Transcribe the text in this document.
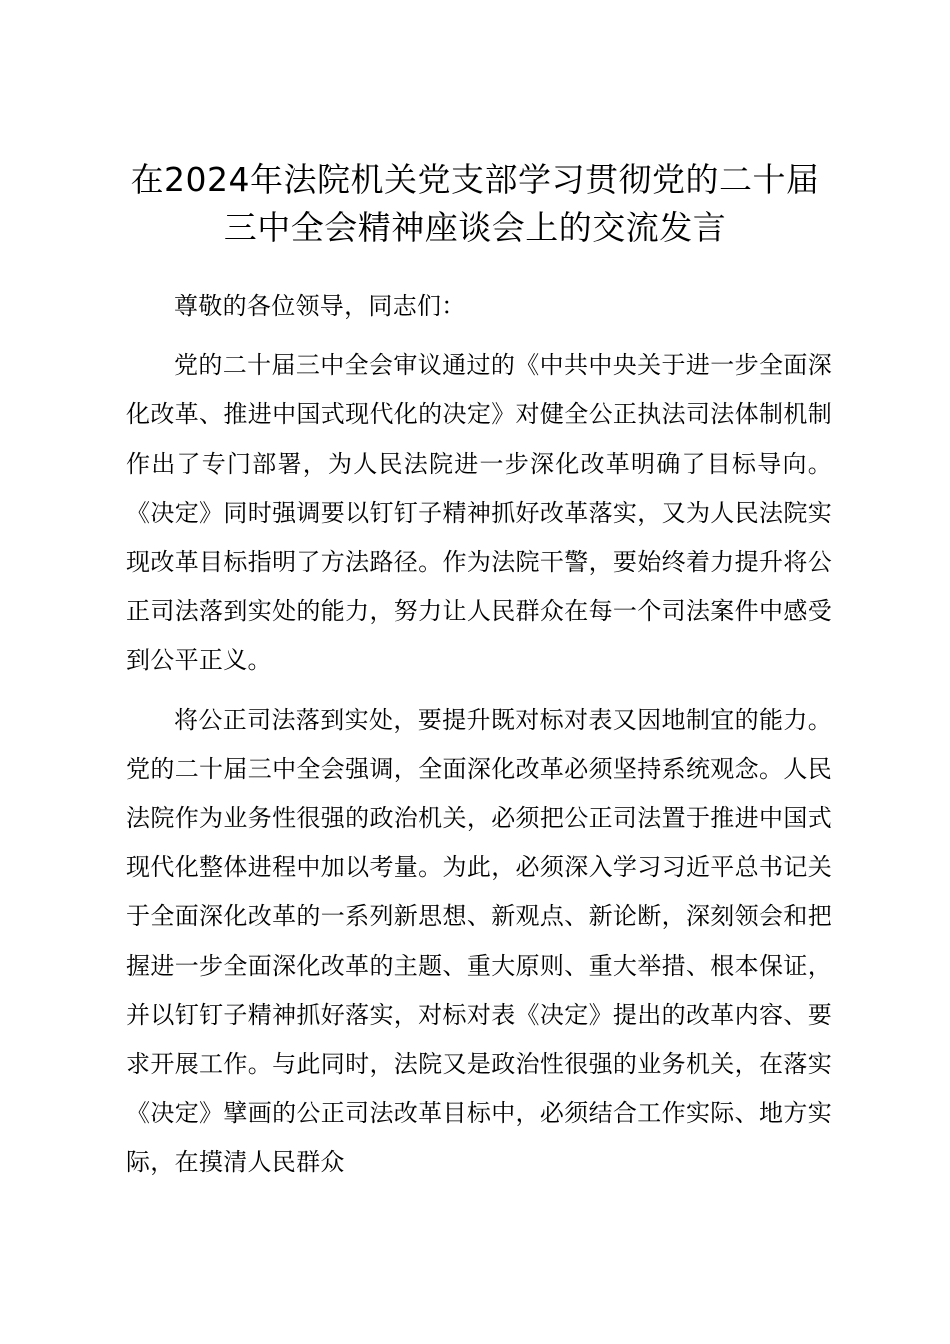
在2024年法院机关党支部学习贯彻党的二十届三中全会精神座谈会上的交流发言

尊敬的各位领导，同志们：

党的二十届三中全会审议通过的《中共中央关于进一步全面深化改革、推进中国式现代化的决定》对健全公正执法司法体制机制作出了专门部署，为人民法院进一步深化改革明确了目标导向。《决定》同时强调要以钉钉子精神抓好改革落实，又为人民法院实现改革目标指明了方法路径。作为法院干警，要始终着力提升将公正司法落到实处的能力，努力让人民群众在每一个司法案件中感受到公平正义。

将公正司法落到实处，要提升既对标对表又因地制宜的能力。党的二十届三中全会强调，全面深化改革必须坚持系统观念。人民法院作为业务性很强的政治机关，必须把公正司法置于推进中国式现代化整体进程中加以考量。为此，必须深入学习习近平总书记关于全面深化改革的一系列新思想、新观点、新论断，深刻领会和把握进一步全面深化改革的主题、重大原则、重大举措、根本保证，并以钉钉子精神抓好落实，对标对表《决定》提出的改革内容、要求开展工作。与此同时，法院又是政治性很强的业务机关，在落实《决定》擘画的公正司法改革目标中，必须结合工作实际、地方实际，在摸清人民群众
